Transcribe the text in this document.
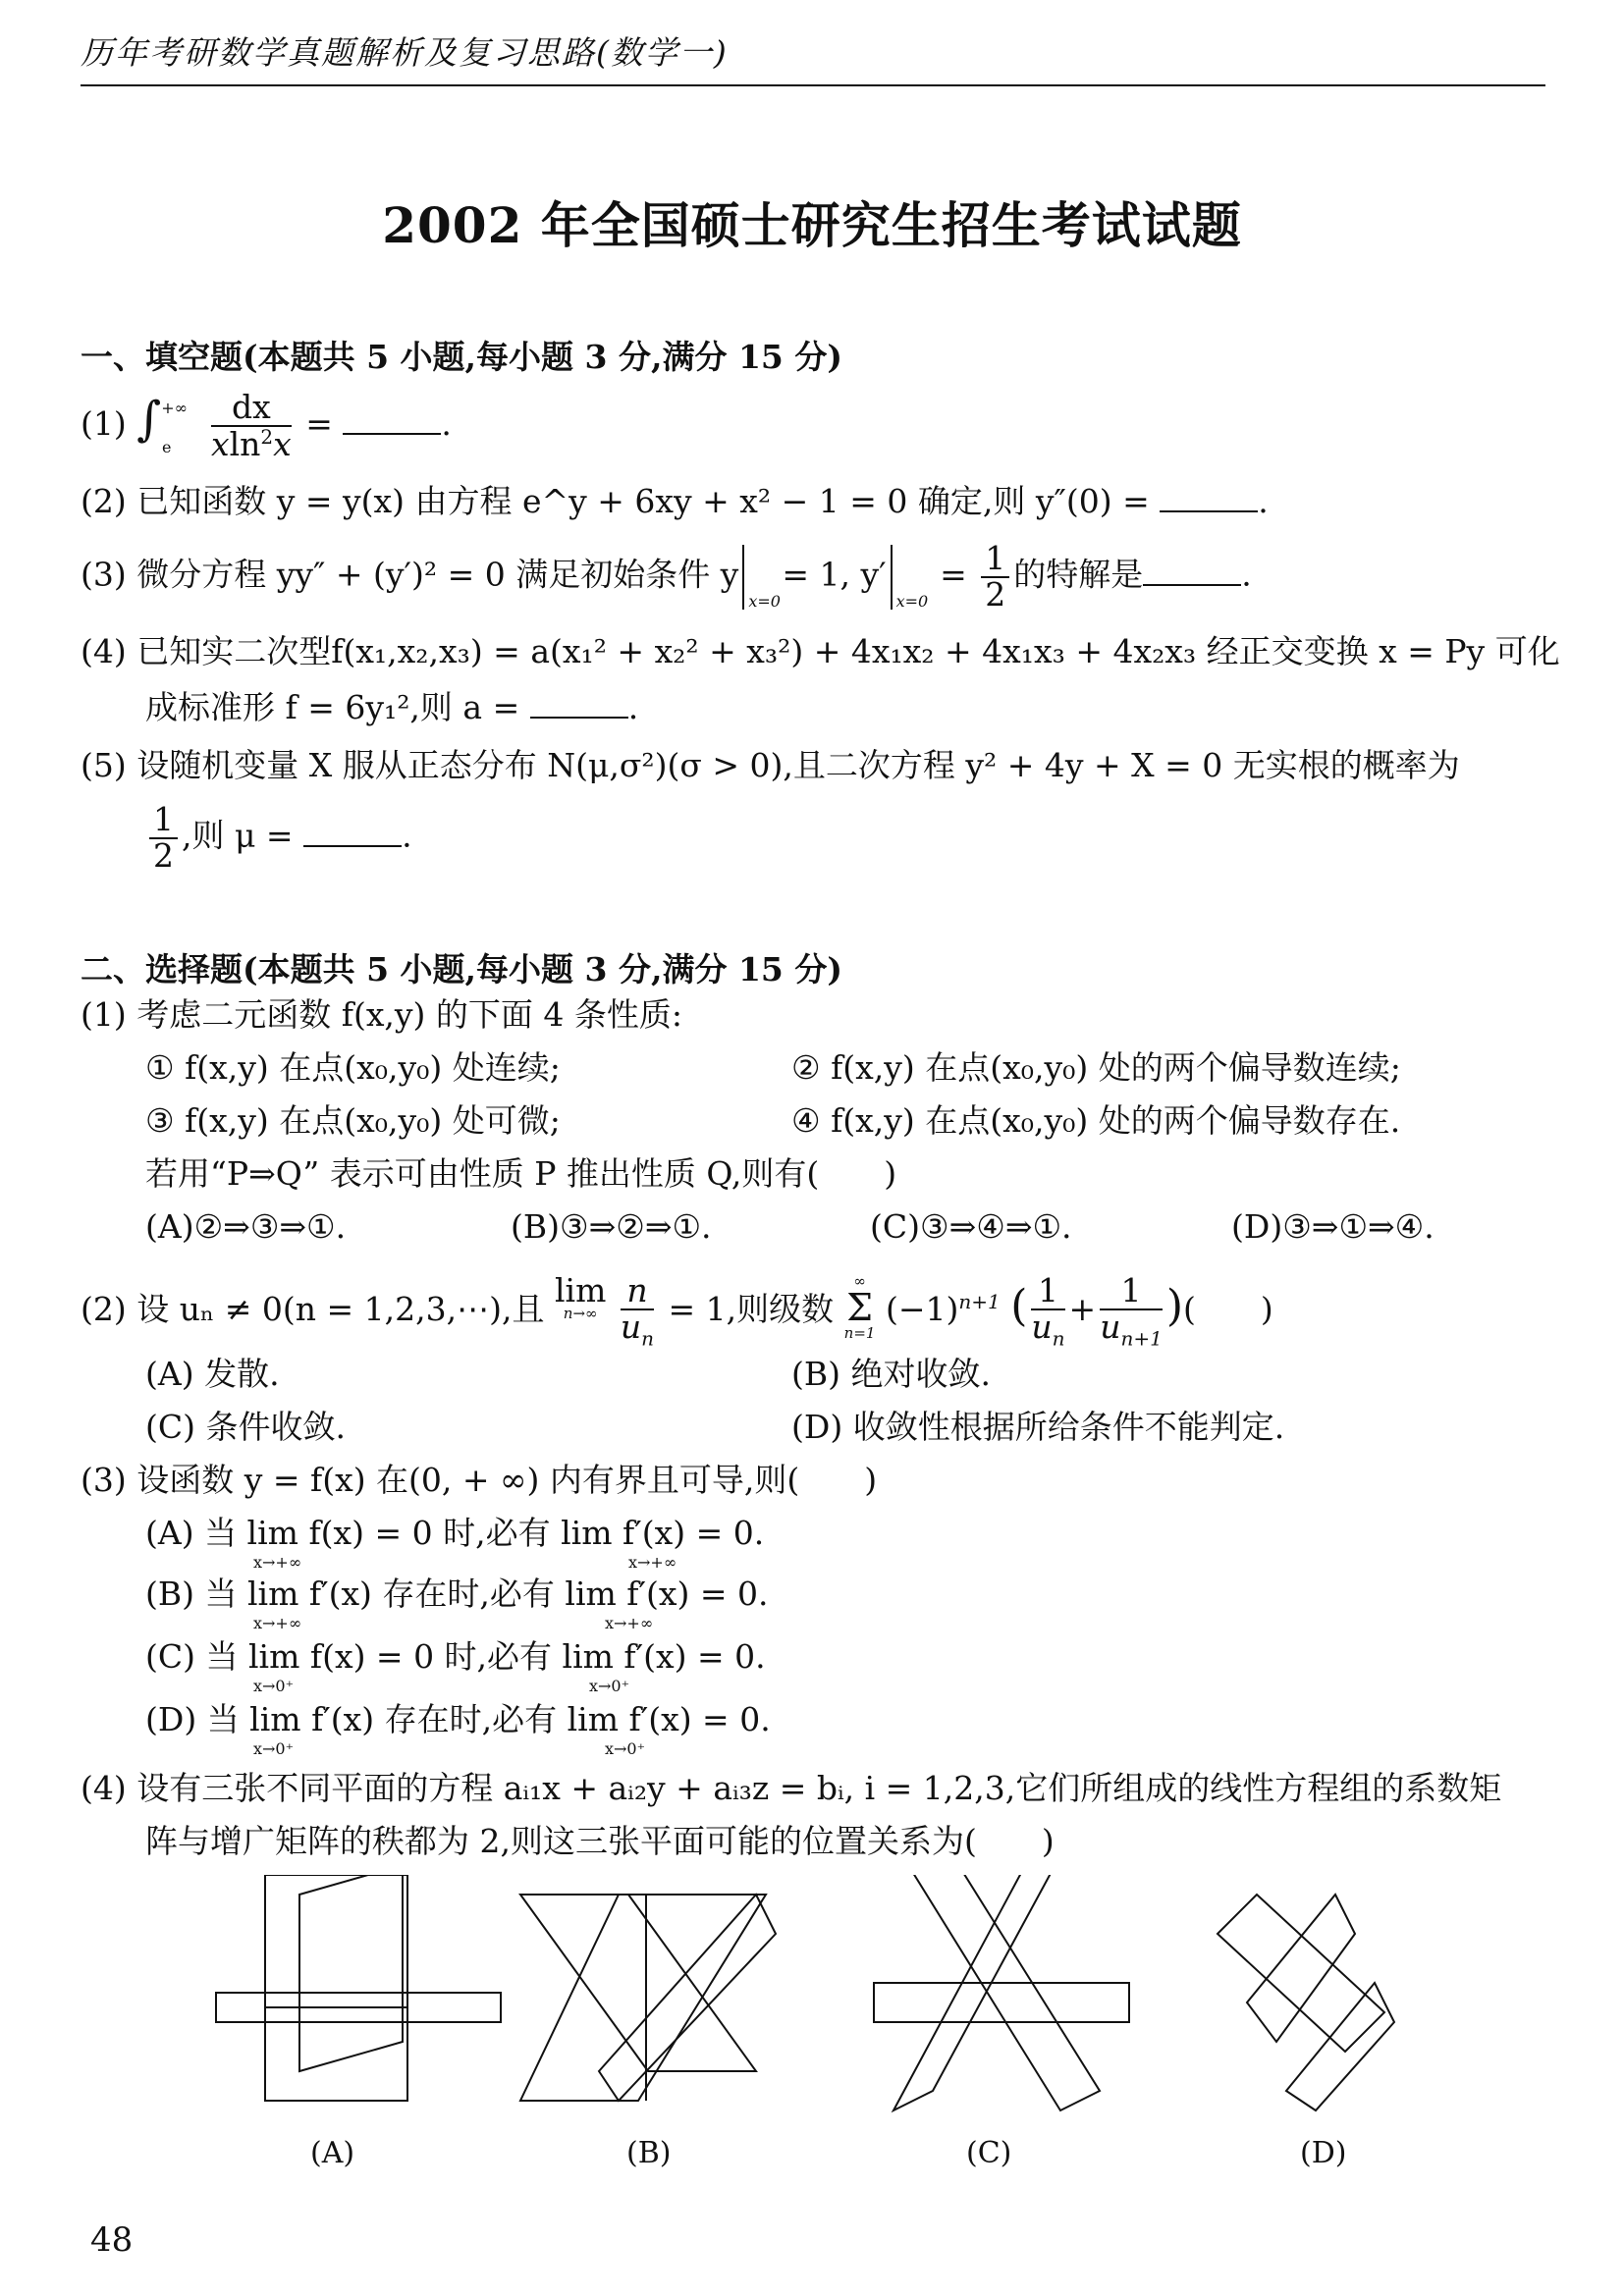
历年考研数学真题解析及复习思路(数学一)
2002 年全国硕士研究生招生考试试题
一、填空题(本题共 5 小题,每小题 3 分,满分 15 分)
(1) $\int^{+\infty}_e \frac{dx}{xln^2x}$ =	.
(2) 已知函数 y = y(x) 由方程 e^y + 6xy + x² − 1 = 0 确定,则 y″(0) =	.
(3) 微分方程 yy″ + (y′)² = 0 满足初始条件 y
x=0
= 1, y′
x=0
= $\frac{1}{2}$ 的特解是	.
(4) 已知实二次型f(x₁,x₂,x₃) = a(x₁² + x₂² + x₃²) + 4x₁x₂ + 4x₁x₃ + 4x₂x₃ 经正交变换 x = Py 可化
成标准形 f = 6y₁²,则 a =	.
(5) 设随机变量 X 服从正态分布 N(μ,σ²)(σ > 0),且二次方程 y² + 4y + X = 0 无实根的概率为
$\frac{1}{2}$ ,则 μ =	.
二、选择题(本题共 5 小题,每小题 3 分,满分 15 分)
(1) 考虑二元函数 f(x,y) 的下面 4 条性质:
① f(x,y) 在点(x₀,y₀) 处连续;	② f(x,y) 在点(x₀,y₀) 处的两个偏导数连续;
③ f(x,y) 在点(x₀,y₀) 处可微;	④ f(x,y) 在点(x₀,y₀) 处的两个偏导数存在.
若用“P⇒Q” 表示可由性质 P 推出性质 Q,则有(　　)
(A)②⇒③⇒①.	(B)③⇒②⇒①.	(C)③⇒④⇒①.	(D)③⇒①⇒④.
(2) 设 uₙ ≠ 0(n = 1,2,3,⋯),且 lim
n→∞
$\frac{n}{u_n} = 1$,则级数
∞
Σ
n=1
$(-1)^{n+1}$ ( $\frac{1}{u_n} + \frac{1}{u_{n+1}}$ )(　　)
(A) 发散.	(B) 绝对收敛.
(C) 条件收敛.	(D) 收敛性根据所给条件不能判定.
(3) 设函数 y = f(x) 在(0, + ∞) 内有界且可导,则(　　)
(A) 当 lim f(x) = 0 时,必有 lim f′(x) = 0.
(B) 当 lim f′(x) 存在时,必有 lim f′(x) = 0.
(C) 当 lim f(x) = 0 时,必有 lim f′(x) = 0.
(D) 当 lim f′(x) 存在时,必有 lim f′(x) = 0.
x→+∞	x→+∞
x→+∞	x→+∞
x→0⁺	x→0⁺
x→0⁺	x→0⁺
(4) 设有三张不同平面的方程 aᵢ₁x + aᵢ₂y + aᵢ₃z = bᵢ, i = 1,2,3,它们所组成的线性方程组的系数矩
阵与增广矩阵的秩都为 2,则这三张平面可能的位置关系为(　　)
(A)	(B)	(C)	(D)
48
